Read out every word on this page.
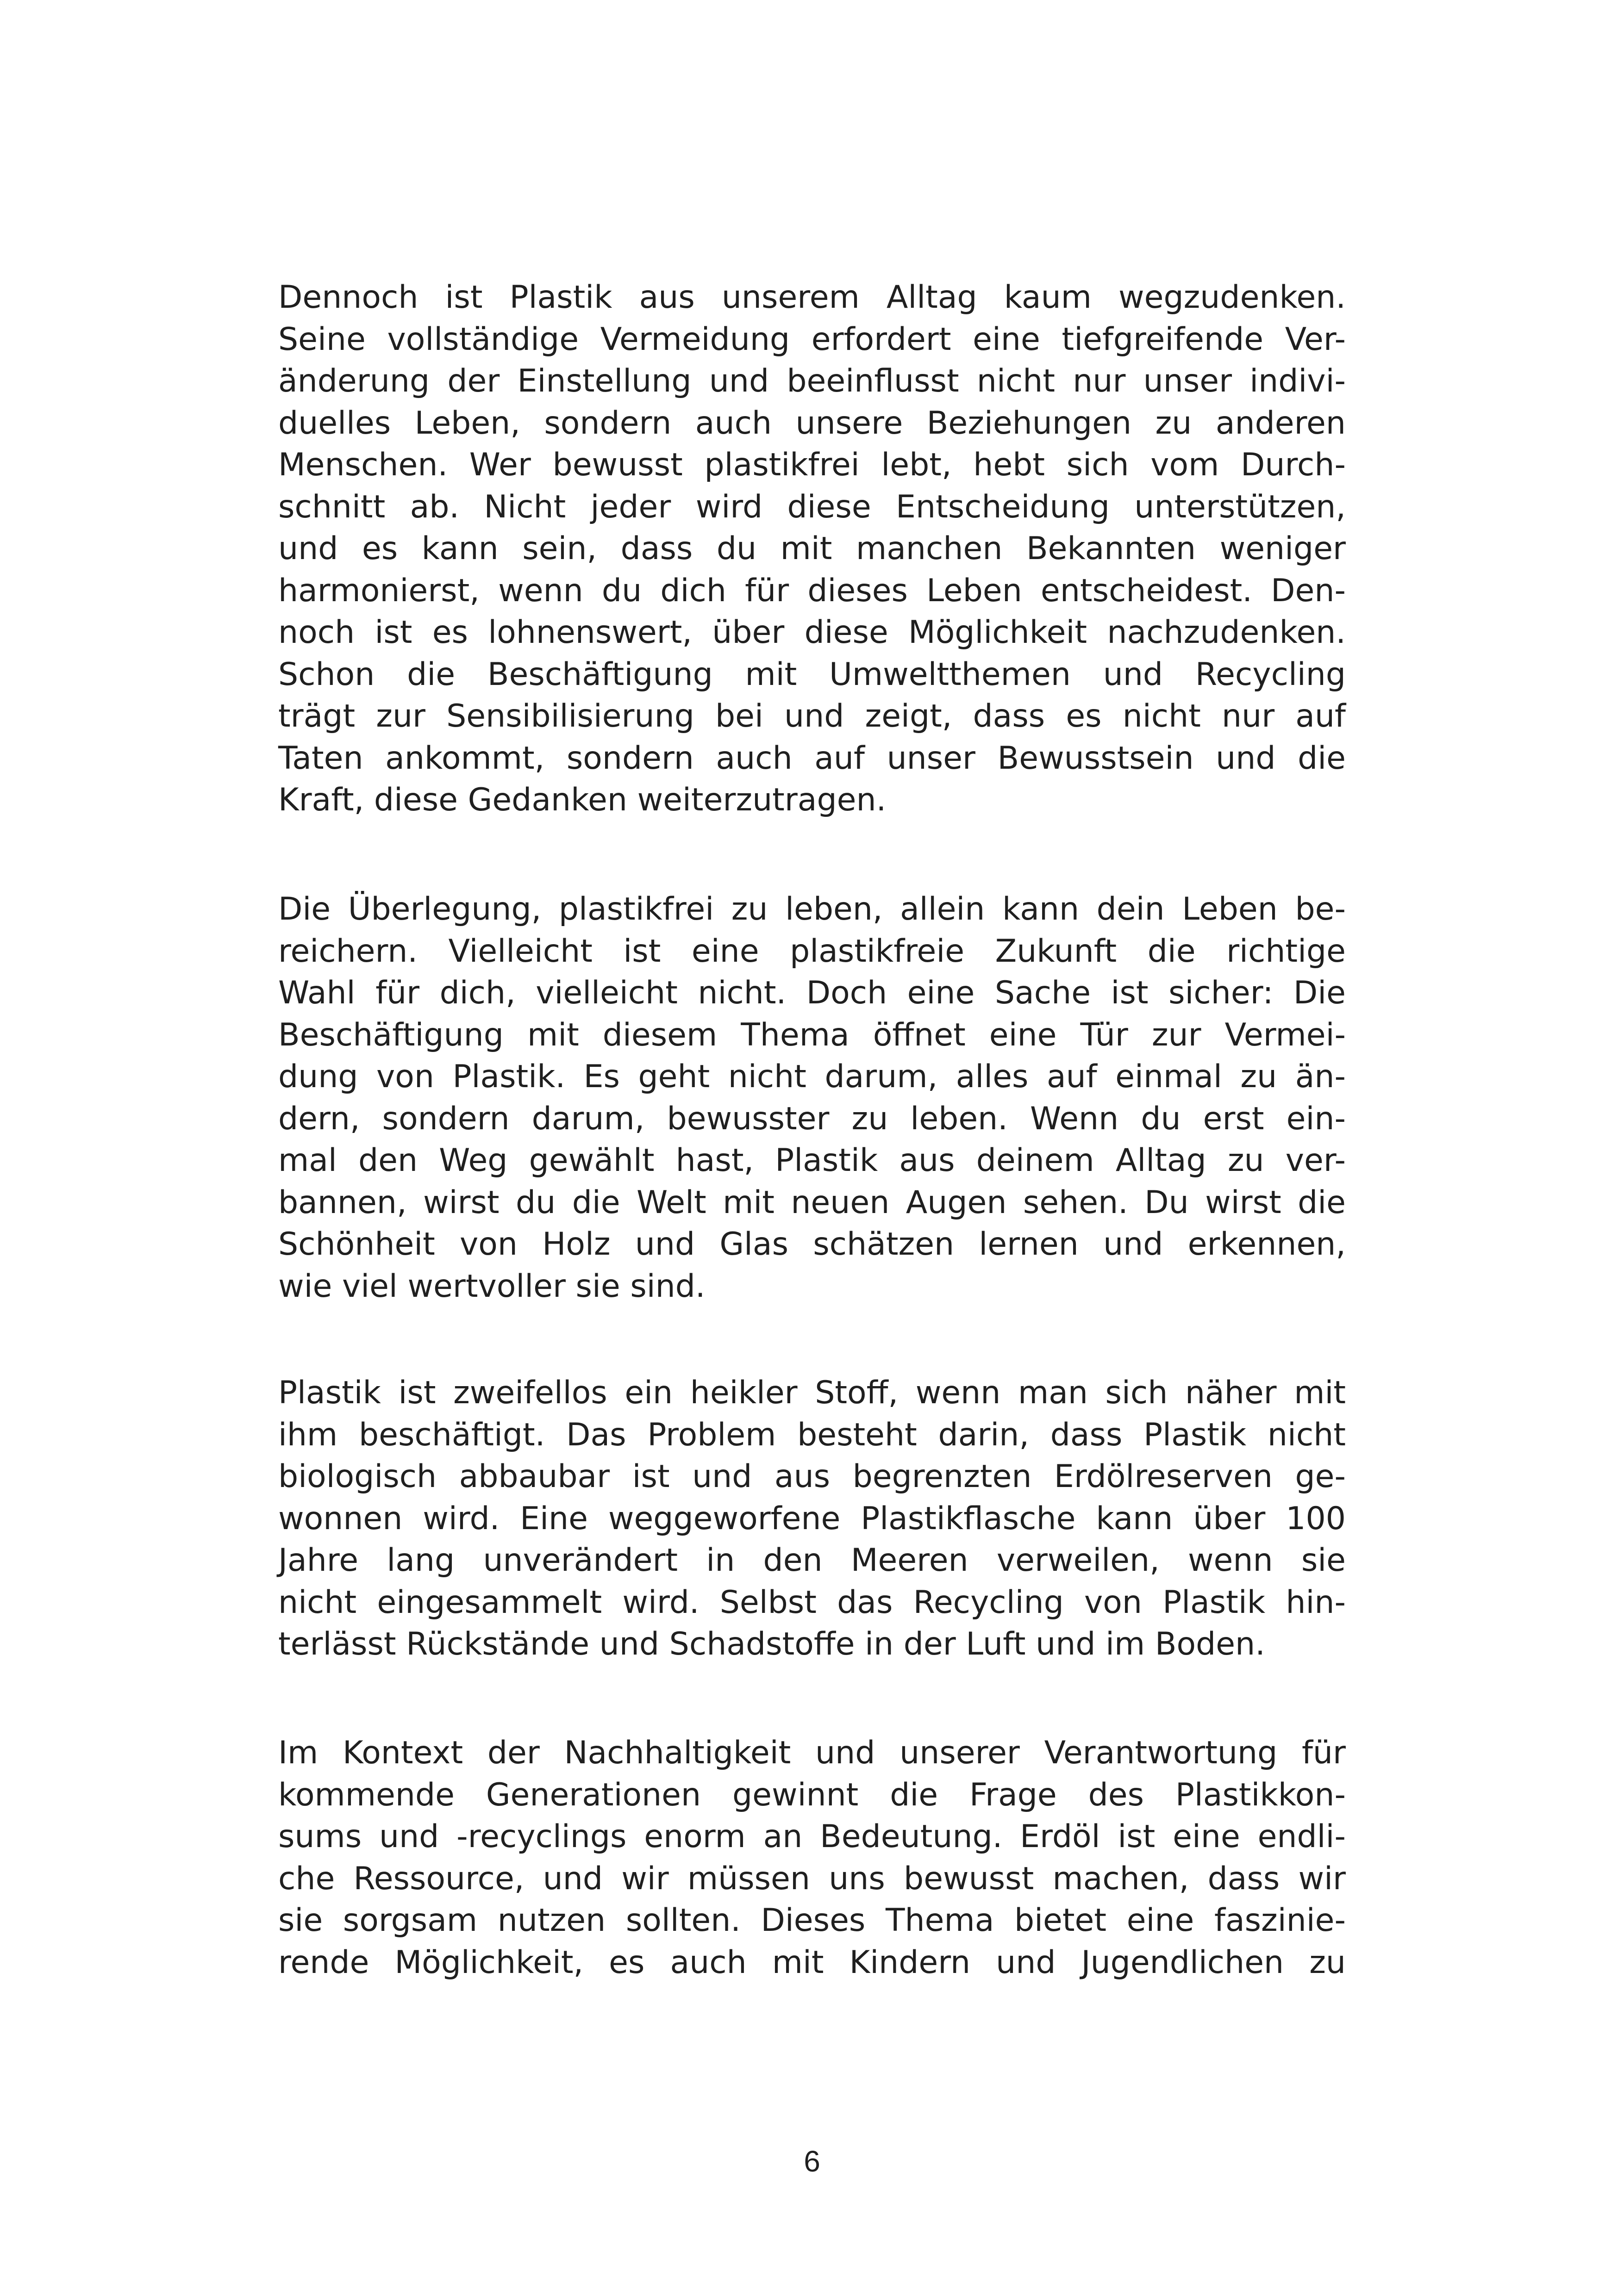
Dennoch ist Plastik aus unserem Alltag kaum wegzudenken.
Seine vollständige Vermeidung erfordert eine tiefgreifende Ver-
änderung der Einstellung und beeinflusst nicht nur unser indivi-
duelles Leben, sondern auch unsere Beziehungen zu anderen
Menschen. Wer bewusst plastikfrei lebt, hebt sich vom Durch-
schnitt ab. Nicht jeder wird diese Entscheidung unterstützen,
und es kann sein, dass du mit manchen Bekannten weniger
harmonierst, wenn du dich für dieses Leben entscheidest. Den-
noch ist es lohnenswert, über diese Möglichkeit nachzudenken.
Schon die Beschäftigung mit Umweltthemen und Recycling
trägt zur Sensibilisierung bei und zeigt, dass es nicht nur auf
Taten ankommt, sondern auch auf unser Bewusstsein und die
Kraft, diese Gedanken weiterzutragen.
Die Überlegung, plastikfrei zu leben, allein kann dein Leben be-
reichern. Vielleicht ist eine plastikfreie Zukunft die richtige
Wahl für dich, vielleicht nicht. Doch eine Sache ist sicher: Die
Beschäftigung mit diesem Thema öffnet eine Tür zur Vermei-
dung von Plastik. Es geht nicht darum, alles auf einmal zu än-
dern, sondern darum, bewusster zu leben. Wenn du erst ein-
mal den Weg gewählt hast, Plastik aus deinem Alltag zu ver-
bannen, wirst du die Welt mit neuen Augen sehen. Du wirst die
Schönheit von Holz und Glas schätzen lernen und erkennen,
wie viel wertvoller sie sind.
Plastik ist zweifellos ein heikler Stoff, wenn man sich näher mit
ihm beschäftigt. Das Problem besteht darin, dass Plastik nicht
biologisch abbaubar ist und aus begrenzten Erdölreserven ge-
wonnen wird. Eine weggeworfene Plastikflasche kann über 100
Jahre lang unverändert in den Meeren verweilen, wenn sie
nicht eingesammelt wird. Selbst das Recycling von Plastik hin-
terlässt Rückstände und Schadstoffe in der Luft und im Boden.
Im Kontext der Nachhaltigkeit und unserer Verantwortung für
kommende Generationen gewinnt die Frage des Plastikkon-
sums und -recyclings enorm an Bedeutung. Erdöl ist eine endli-
che Ressource, und wir müssen uns bewusst machen, dass wir
sie sorgsam nutzen sollten. Dieses Thema bietet eine faszinie-
rende Möglichkeit, es auch mit Kindern und Jugendlichen zu
6
